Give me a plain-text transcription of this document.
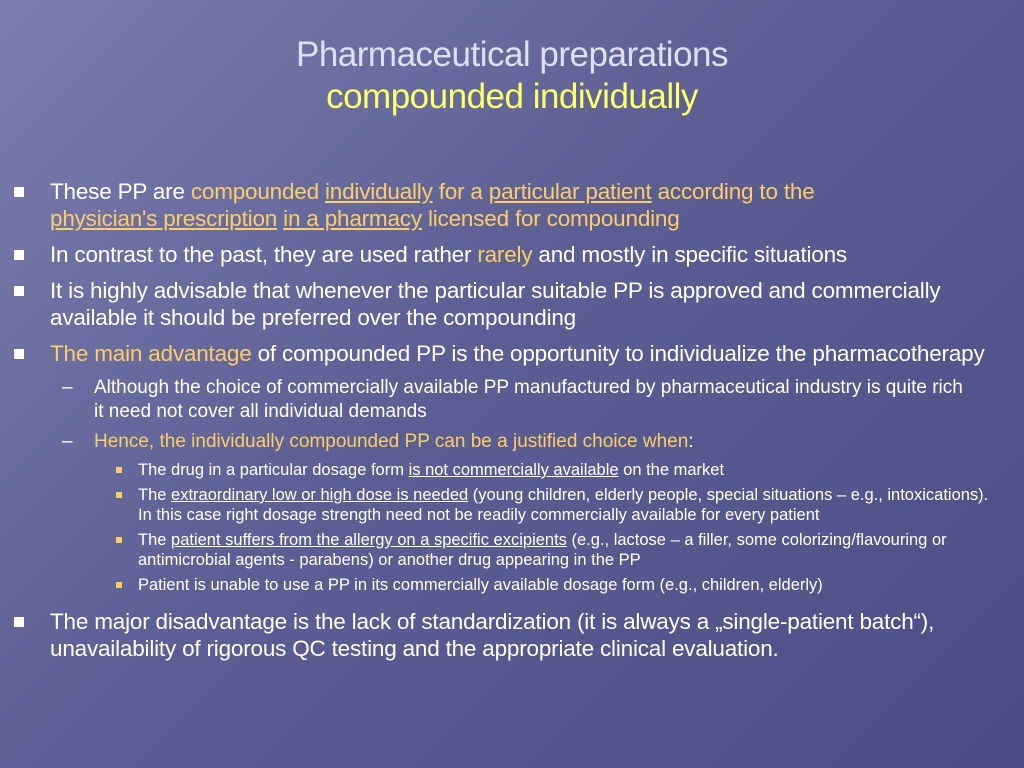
Pharmaceutical preparations
compounded individually
These PP are compounded individually for a particular patient according to the
physician's prescription in a pharmacy licensed for compounding
In contrast to the past, they are used rather rarely and mostly in specific situations
It is highly advisable that whenever the particular suitable PP is approved and commercially available it should be preferred over the compounding
The main advantage of compounded PP is the opportunity to individualize the pharmacotherapy
– Although the choice of commercially available PP manufactured by pharmaceutical industry is quite rich it need not cover all individual demands
– Hence, the individually compounded PP can be a justified choice when:
The drug in a particular dosage form is not commercially available on the market
The extraordinary low or high dose is needed (young children, elderly people, special situations – e.g., intoxications). In this case right dosage strength need not be readily commercially available for every patient
The patient suffers from the allergy on a specific excipients (e.g., lactose – a filler, some colorizing/flavouring or antimicrobial agents - parabens) or another drug appearing in the PP
Patient is unable to use a PP in its commercially available dosage form (e.g., children, elderly)
The major disadvantage is the lack of standardization (it is always a „single-patient batch“), unavailability of rigorous QC testing and the appropriate clinical evaluation.
